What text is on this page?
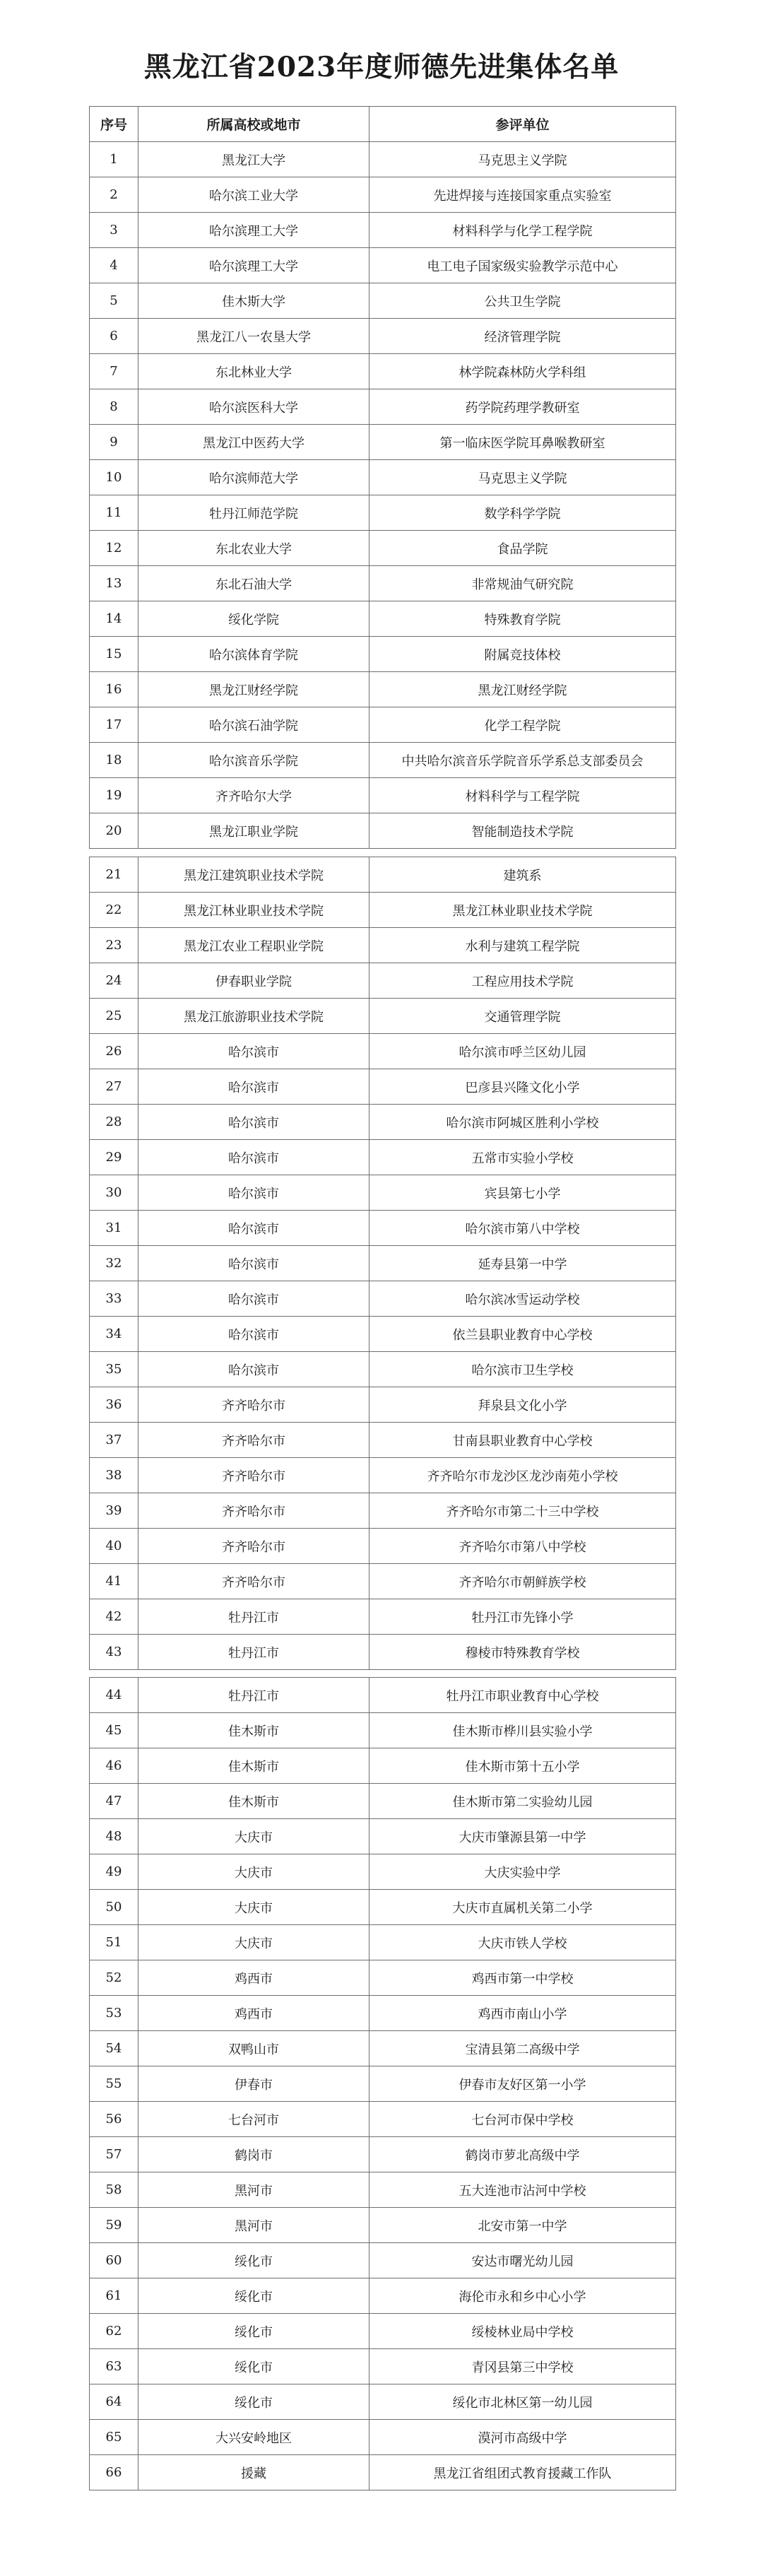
黑龙江省2023年度师德先进集体名单
序号	所属高校或地市	参评单位
1	黑龙江大学	马克思主义学院
2	哈尔滨工业大学	先进焊接与连接国家重点实验室
3	哈尔滨理工大学	材料科学与化学工程学院
4	哈尔滨理工大学	电工电子国家级实验教学示范中心
5	佳木斯大学	公共卫生学院
6	黑龙江八一农垦大学	经济管理学院
7	东北林业大学	林学院森林防火学科组
8	哈尔滨医科大学	药学院药理学教研室
9	黑龙江中医药大学	第一临床医学院耳鼻喉教研室
10	哈尔滨师范大学	马克思主义学院
11	牡丹江师范学院	数学科学学院
12	东北农业大学	食品学院
13	东北石油大学	非常规油气研究院
14	绥化学院	特殊教育学院
15	哈尔滨体育学院	附属竞技体校
16	黑龙江财经学院	黑龙江财经学院
17	哈尔滨石油学院	化学工程学院
18	哈尔滨音乐学院	中共哈尔滨音乐学院音乐学系总支部委员会
19	齐齐哈尔大学	材料科学与工程学院
20	黑龙江职业学院	智能制造技术学院
21	黑龙江建筑职业技术学院	建筑系
22	黑龙江林业职业技术学院	黑龙江林业职业技术学院
23	黑龙江农业工程职业学院	水利与建筑工程学院
24	伊春职业学院	工程应用技术学院
25	黑龙江旅游职业技术学院	交通管理学院
26	哈尔滨市	哈尔滨市呼兰区幼儿园
27	哈尔滨市	巴彦县兴隆文化小学
28	哈尔滨市	哈尔滨市阿城区胜利小学校
29	哈尔滨市	五常市实验小学校
30	哈尔滨市	宾县第七小学
31	哈尔滨市	哈尔滨市第八中学校
32	哈尔滨市	延寿县第一中学
33	哈尔滨市	哈尔滨冰雪运动学校
34	哈尔滨市	依兰县职业教育中心学校
35	哈尔滨市	哈尔滨市卫生学校
36	齐齐哈尔市	拜泉县文化小学
37	齐齐哈尔市	甘南县职业教育中心学校
38	齐齐哈尔市	齐齐哈尔市龙沙区龙沙南苑小学校
39	齐齐哈尔市	齐齐哈尔市第二十三中学校
40	齐齐哈尔市	齐齐哈尔市第八中学校
41	齐齐哈尔市	齐齐哈尔市朝鲜族学校
42	牡丹江市	牡丹江市先锋小学
43	牡丹江市	穆棱市特殊教育学校
44	牡丹江市	牡丹江市职业教育中心学校
45	佳木斯市	佳木斯市桦川县实验小学
46	佳木斯市	佳木斯市第十五小学
47	佳木斯市	佳木斯市第二实验幼儿园
48	大庆市	大庆市肇源县第一中学
49	大庆市	大庆实验中学
50	大庆市	大庆市直属机关第二小学
51	大庆市	大庆市铁人学校
52	鸡西市	鸡西市第一中学校
53	鸡西市	鸡西市南山小学
54	双鸭山市	宝清县第二高级中学
55	伊春市	伊春市友好区第一小学
56	七台河市	七台河市保中学校
57	鹤岗市	鹤岗市萝北高级中学
58	黑河市	五大连池市沾河中学校
59	黑河市	北安市第一中学
60	绥化市	安达市曙光幼儿园
61	绥化市	海伦市永和乡中心小学
62	绥化市	绥棱林业局中学校
63	绥化市	青冈县第三中学校
64	绥化市	绥化市北林区第一幼儿园
65	大兴安岭地区	漠河市高级中学
66	援藏	黑龙江省组团式教育援藏工作队
